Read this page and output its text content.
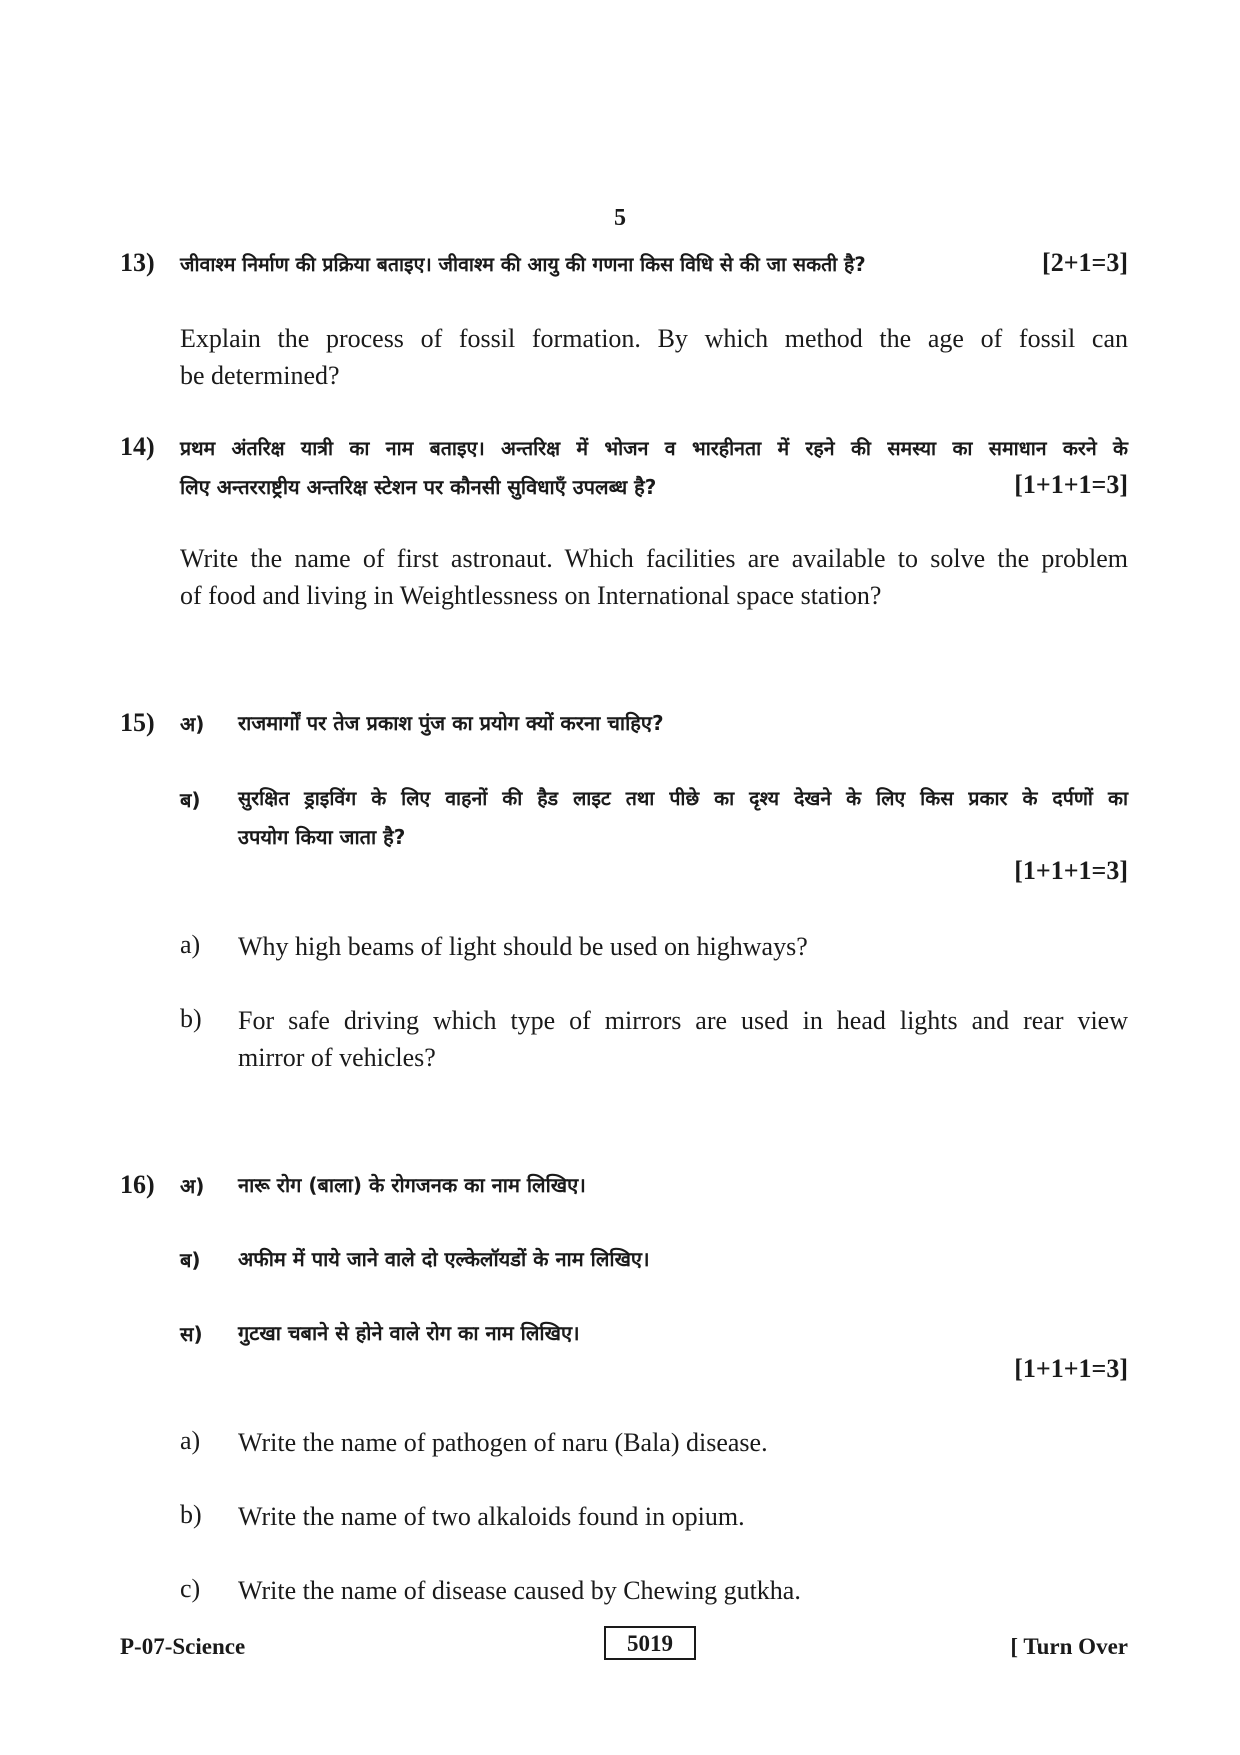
5
13) जीवाश्म निर्माण की प्रक्रिया बताइए। जीवाश्म की आयु की गणना किस विधि से की जा सकती है?	[2+1=3]
Explain the process of fossil formation. By which method the age of fossil can
be determined?
14) प्रथम अंतरिक्ष यात्री का नाम बताइए। अन्तरिक्ष में भोजन व भारहीनता में रहने की समस्या का समाधान करने के
लिए अन्तरराष्ट्रीय अन्तरिक्ष स्टेशन पर कौनसी सुविधाएँ उपलब्ध है?	[1+1+1=3]
Write the name of first astronaut. Which facilities are available to solve the problem
of food and living in Weightlessness on International space station?
15) अ) राजमार्गों पर तेज प्रकाश पुंज का प्रयोग क्यों करना चाहिए?
ब) सुरक्षित ड्राइविंग के लिए वाहनों की हैड लाइट तथा पीछे का दृश्य देखने के लिए किस प्रकार के दर्पणों का
उपयोग किया जाता है?
[1+1+1=3]
a) Why high beams of light should be used on highways?
b) For safe driving which type of mirrors are used in head lights and rear view
mirror of vehicles?
16) अ) नारू रोग (बाला) के रोगजनक का नाम लिखिए।
ब) अफीम में पाये जाने वाले दो एल्केलॉयडों के नाम लिखिए।
स) गुटखा चबाने से होने वाले रोग का नाम लिखिए।
[1+1+1=3]
a) Write the name of pathogen of naru (Bala) disease.
b) Write the name of two alkaloids found in opium.
c) Write the name of disease caused by Chewing gutkha.
P-07-Science	5019	[ Turn Over
